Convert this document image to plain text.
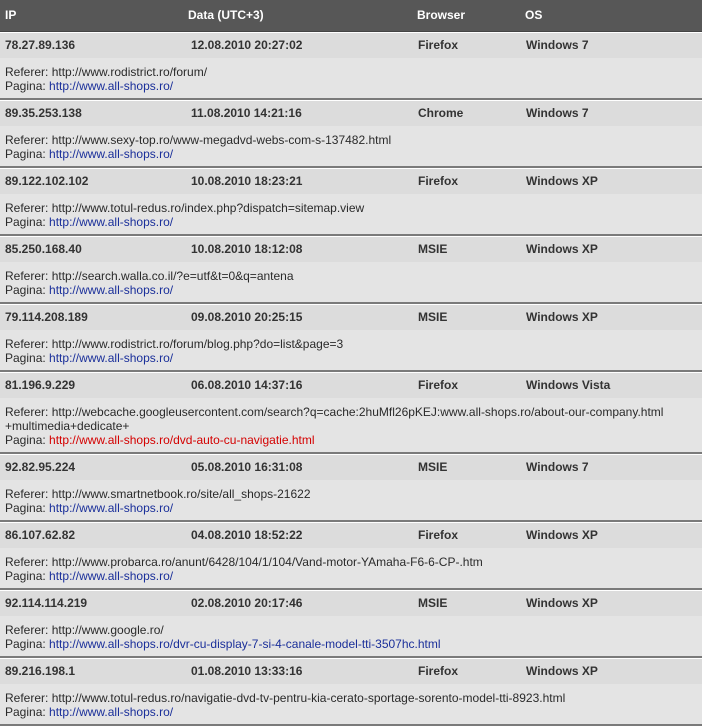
IP	Data (UTC+3)	Browser	OS
78.27.89.136	12.08.2010 20:27:02	Firefox	Windows 7
Referer: http://www.rodistrict.ro/forum/
Pagina: http://www.all-shops.ro/
89.35.253.138	11.08.2010 14:21:16	Chrome	Windows 7
Referer: http://www.sexy-top.ro/www-megadvd-webs-com-s-137482.html
Pagina: http://www.all-shops.ro/
89.122.102.102	10.08.2010 18:23:21	Firefox	Windows XP
Referer: http://www.totul-redus.ro/index.php?dispatch=sitemap.view
Pagina: http://www.all-shops.ro/
85.250.168.40	10.08.2010 18:12:08	MSIE	Windows XP
Referer: http://search.walla.co.il/?e=utf&t=0&q=antena
Pagina: http://www.all-shops.ro/
79.114.208.189	09.08.2010 20:25:15	MSIE	Windows XP
Referer: http://www.rodistrict.ro/forum/blog.php?do=list&page=3
Pagina: http://www.all-shops.ro/
81.196.9.229	06.08.2010 14:37:16	Firefox	Windows Vista
Referer: http://webcache.googleusercontent.com/search?q=cache:2huMfl26pKEJ:www.all-shops.ro/about-our-company.html
+multimedia+dedicate+
Pagina: http://www.all-shops.ro/dvd-auto-cu-navigatie.html
92.82.95.224	05.08.2010 16:31:08	MSIE	Windows 7
Referer: http://www.smartnetbook.ro/site/all_shops-21622
Pagina: http://www.all-shops.ro/
86.107.62.82	04.08.2010 18:52:22	Firefox	Windows XP
Referer: http://www.probarca.ro/anunt/6428/104/1/104/Vand-motor-YAmaha-F6-6-CP-.htm
Pagina: http://www.all-shops.ro/
92.114.114.219	02.08.2010 20:17:46	MSIE	Windows XP
Referer: http://www.google.ro/
Pagina: http://www.all-shops.ro/dvr-cu-display-7-si-4-canale-model-tti-3507hc.html
89.216.198.1	01.08.2010 13:33:16	Firefox	Windows XP
Referer: http://www.totul-redus.ro/navigatie-dvd-tv-pentru-kia-cerato-sportage-sorento-model-tti-8923.html
Pagina: http://www.all-shops.ro/
